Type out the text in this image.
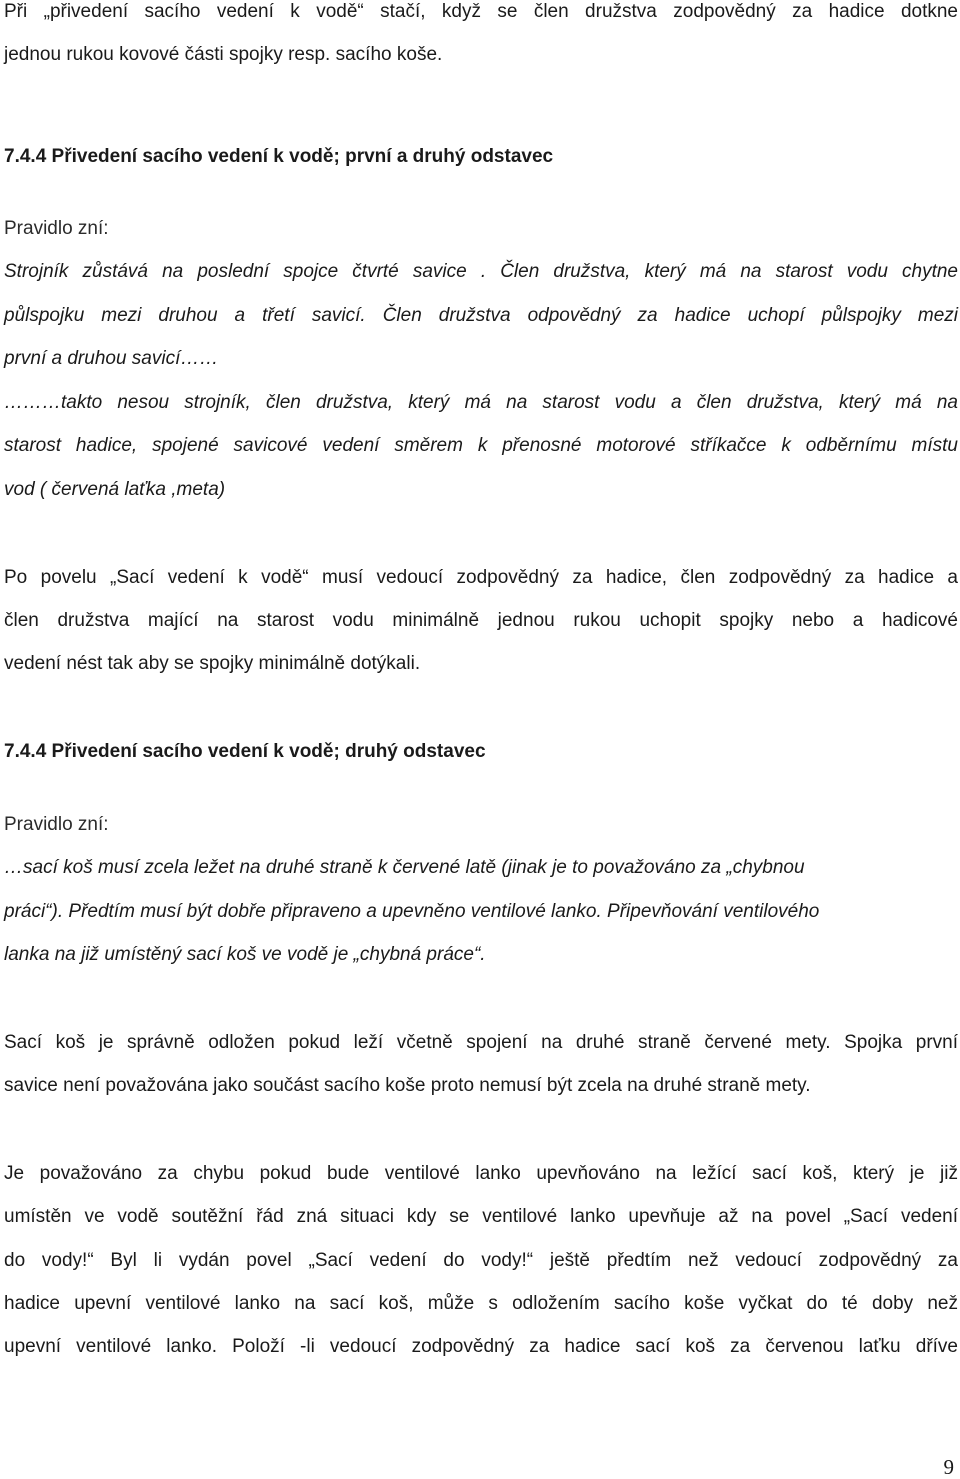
Při „přivedení sacího vedení k vodě“ stačí, když se člen družstva zodpovědný za hadice dotkne
jednou rukou kovové části spojky resp. sacího koše.
7.4.4 Přivedení sacího vedení k vodě; první a druhý odstavec
Pravidlo zní:
Strojník zůstává na poslední spojce čtvrté savice . Člen družstva, který má na starost vodu chytne
půlspojku mezi druhou a třetí savicí. Člen družstva odpovědný za hadice uchopí půlspojky mezi
první a druhou savicí……
………takto nesou strojník, člen družstva, který má na starost vodu a člen družstva, který má na
starost hadice, spojené savicové vedení směrem k přenosné motorové stříkačce k odběrnímu místu
vod ( červená laťka ,meta)
Po povelu „Sací vedení k vodě“ musí vedoucí zodpovědný za hadice, člen zodpovědný za hadice a
člen družstva mající na starost vodu minimálně jednou rukou uchopit spojky nebo a hadicové
vedení nést tak aby se spojky minimálně dotýkali.
7.4.4 Přivedení sacího vedení k vodě; druhý odstavec
Pravidlo zní:
…sací koš musí zcela ležet na druhé straně k červené latě (jinak je to považováno za „chybnou
práci“). Předtím musí být dobře připraveno a upevněno ventilové lanko. Připevňování ventilového
lanka na již umístěný sací koš ve vodě je „chybná práce“.
Sací koš je správně odložen pokud leží včetně spojení na druhé straně červené mety. Spojka první
savice není považována jako součást sacího koše proto nemusí být zcela na druhé straně mety.
Je považováno za chybu pokud bude ventilové lanko upevňováno na ležící sací koš, který je již
umístěn ve vodě soutěžní řád zná situaci kdy se ventilové lanko upevňuje až na povel „Sací vedení
do vody!“ Byl li vydán povel „Sací vedení do vody!“ ještě předtím než vedoucí zodpovědný za
hadice upevní ventilové lanko na sací koš, může s odložením sacího koše vyčkat do té doby než
upevní ventilové lanko. Položí -li vedoucí zodpovědný za hadice sací koš za červenou laťku dříve
9
